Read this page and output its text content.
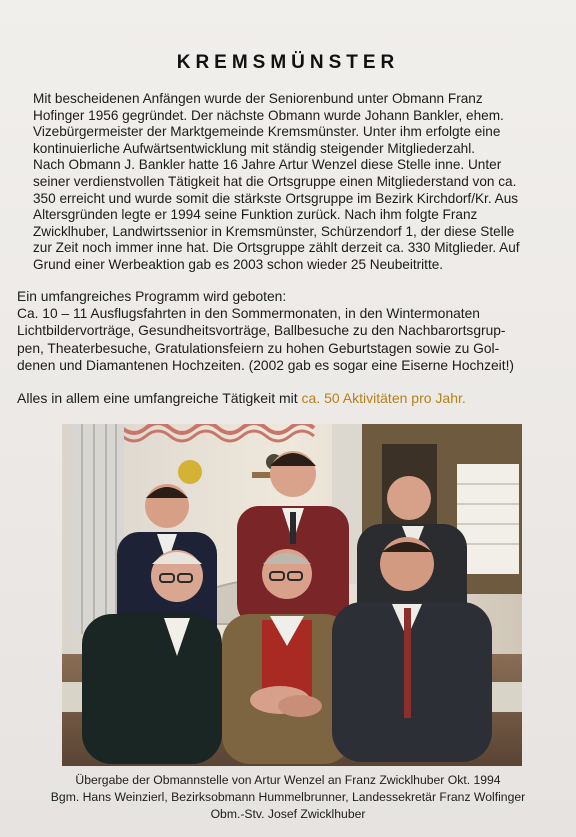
KREMSMÜNSTER
Mit bescheidenen Anfängen wurde der Seniorenbund unter Obmann Franz
Hofinger 1956 gegründet. Der nächste Obmann wurde Johann Bankler, ehem.
Vizebürgermeister der Marktgemeinde Kremsmünster. Unter ihm erfolgte eine
kontinuierliche Aufwärtsentwicklung mit ständig steigender Mitgliederzahl.
Nach Obmann J. Bankler hatte 16 Jahre Artur Wenzel diese Stelle inne. Unter
seiner verdienstvollen Tätigkeit hat die Ortsgruppe einen Mitgliederstand von ca.
350 erreicht und wurde somit die stärkste Ortsgruppe im Bezirk Kirchdorf/Kr. Aus
Altersgründen legte er 1994 seine Funktion zurück. Nach ihm folgte Franz
Zwicklhuber, Landwirtssenior in Kremsmünster, Schürzendorf 1, der diese Stelle
zur Zeit noch immer inne hat. Die Ortsgruppe zählt derzeit ca. 330 Mitglieder. Auf
Grund einer Werbeaktion gab es 2003 schon wieder 25 Neubeitritte.
Ein umfangreiches Programm wird geboten:
Ca. 10 – 11 Ausflugsfahrten in den Sommermonaten, in den Wintermonaten
Lichtbildervorträge, Gesundheitsvorträge, Ballbesuche zu den Nachbarortsgrup-
pen, Theaterbesuche, Gratulationsfeiern zu hohen Geburtstagen sowie zu Gol-
denen und Diamantenen Hochzeiten. (2002 gab es sogar eine Eiserne Hochzeit!)
Alles in allem eine umfangreiche Tätigkeit mit ca. 50 Aktivitäten pro Jahr.
Übergabe der Obmannstelle von Artur Wenzel an Franz Zwicklhuber Okt. 1994
Bgm. Hans Weinzierl, Bezirksobmann Hummelbrunner, Landessekretär Franz Wolfinger
Obm.-Stv. Josef Zwicklhuber
